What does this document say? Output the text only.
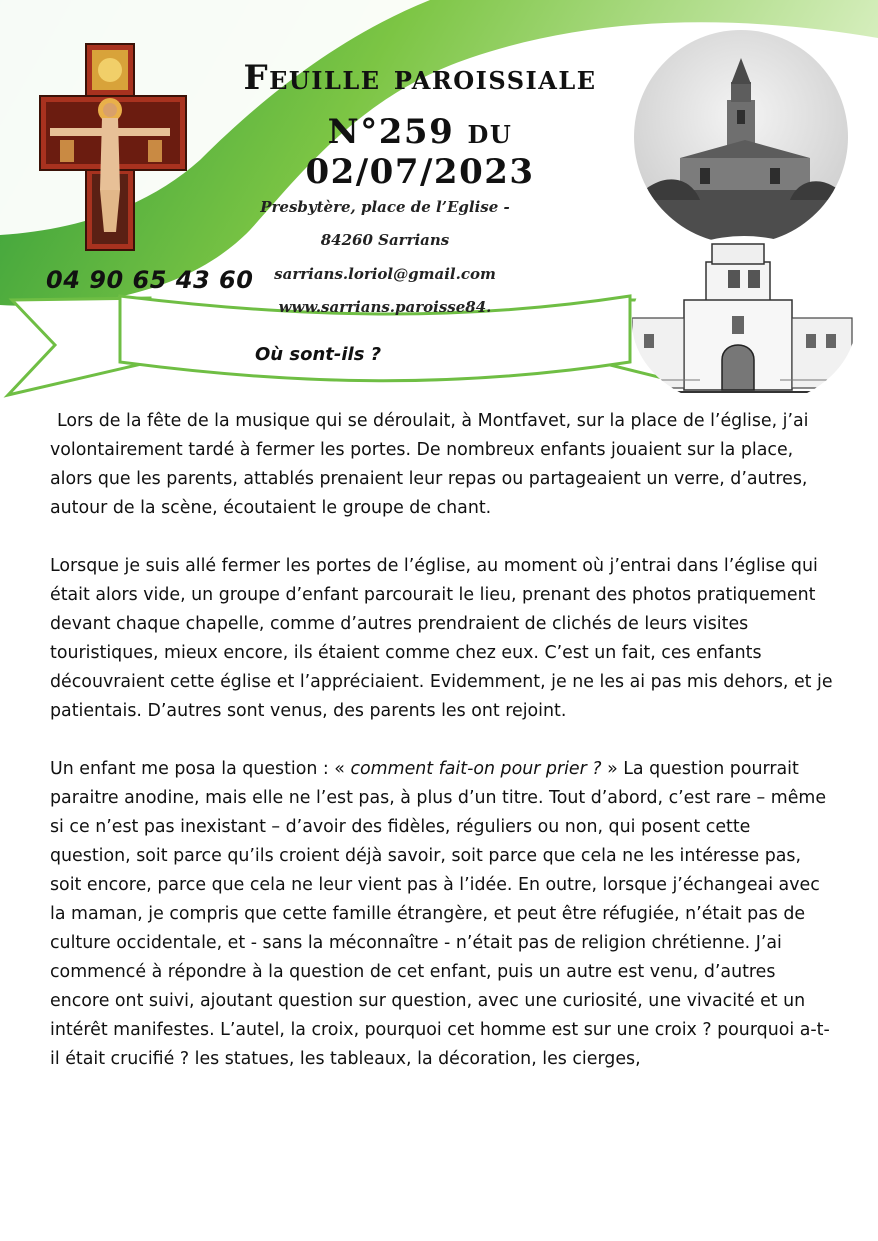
Feuille paroissiale
N°259 du 02/07/2023
Presbytère, place de l’Eglise -
84260 Sarrians
sarrians.loriol@gmail.com
www.sarrians.paroisse84.
04 90 65 43 60
Où sont-ils ?

Lors de la fête de la musique qui se déroulait, à Montfavet, sur la place de l’église, j’ai volontairement tardé à fermer les portes. De nombreux enfants jouaient sur la place, alors que les parents, attablés prenaient leur repas ou partageaient un verre, d’autres, autour de la scène, écoutaient le groupe de chant.

Lorsque je suis allé fermer les portes de l’église, au moment où j’entrai dans l’église qui était alors vide, un groupe d’enfant parcourait le lieu, prenant des photos pratiquement devant chaque chapelle, comme d’autres prendraient de clichés de leurs visites touristiques, mieux encore, ils étaient comme chez eux. C’est un fait, ces enfants découvraient cette église et l’appréciaient. Evidemment, je ne les ai pas mis dehors, et je patientais. D’autres sont venus, des parents les ont rejoint.

Un enfant me posa la question : « comment fait-on pour prier ? » La question pourrait paraitre anodine, mais elle ne l’est pas, à plus d’un titre. Tout d’abord, c’est rare – même si ce n’est pas inexistant – d’avoir des fidèles, réguliers ou non, qui posent cette question, soit parce qu’ils croient déjà savoir, soit parce que cela ne les intéresse pas, soit encore, parce que cela ne leur vient pas à l’idée. En outre, lorsque j’échangeai avec la maman, je compris que cette famille étrangère, et peut être réfugiée, n’était pas de culture occidentale, et - sans la méconnaître - n’était pas de religion chrétienne. J’ai commencé à répondre à la question de cet enfant, puis un autre est venu, d’autres encore ont suivi, ajoutant question sur question, avec une curiosité, une vivacité et un intérêt manifestes. L’autel, la croix, pourquoi cet homme est sur une croix ? pourquoi a-t-il était crucifié ? les statues, les tableaux, la décoration, les cierges,
